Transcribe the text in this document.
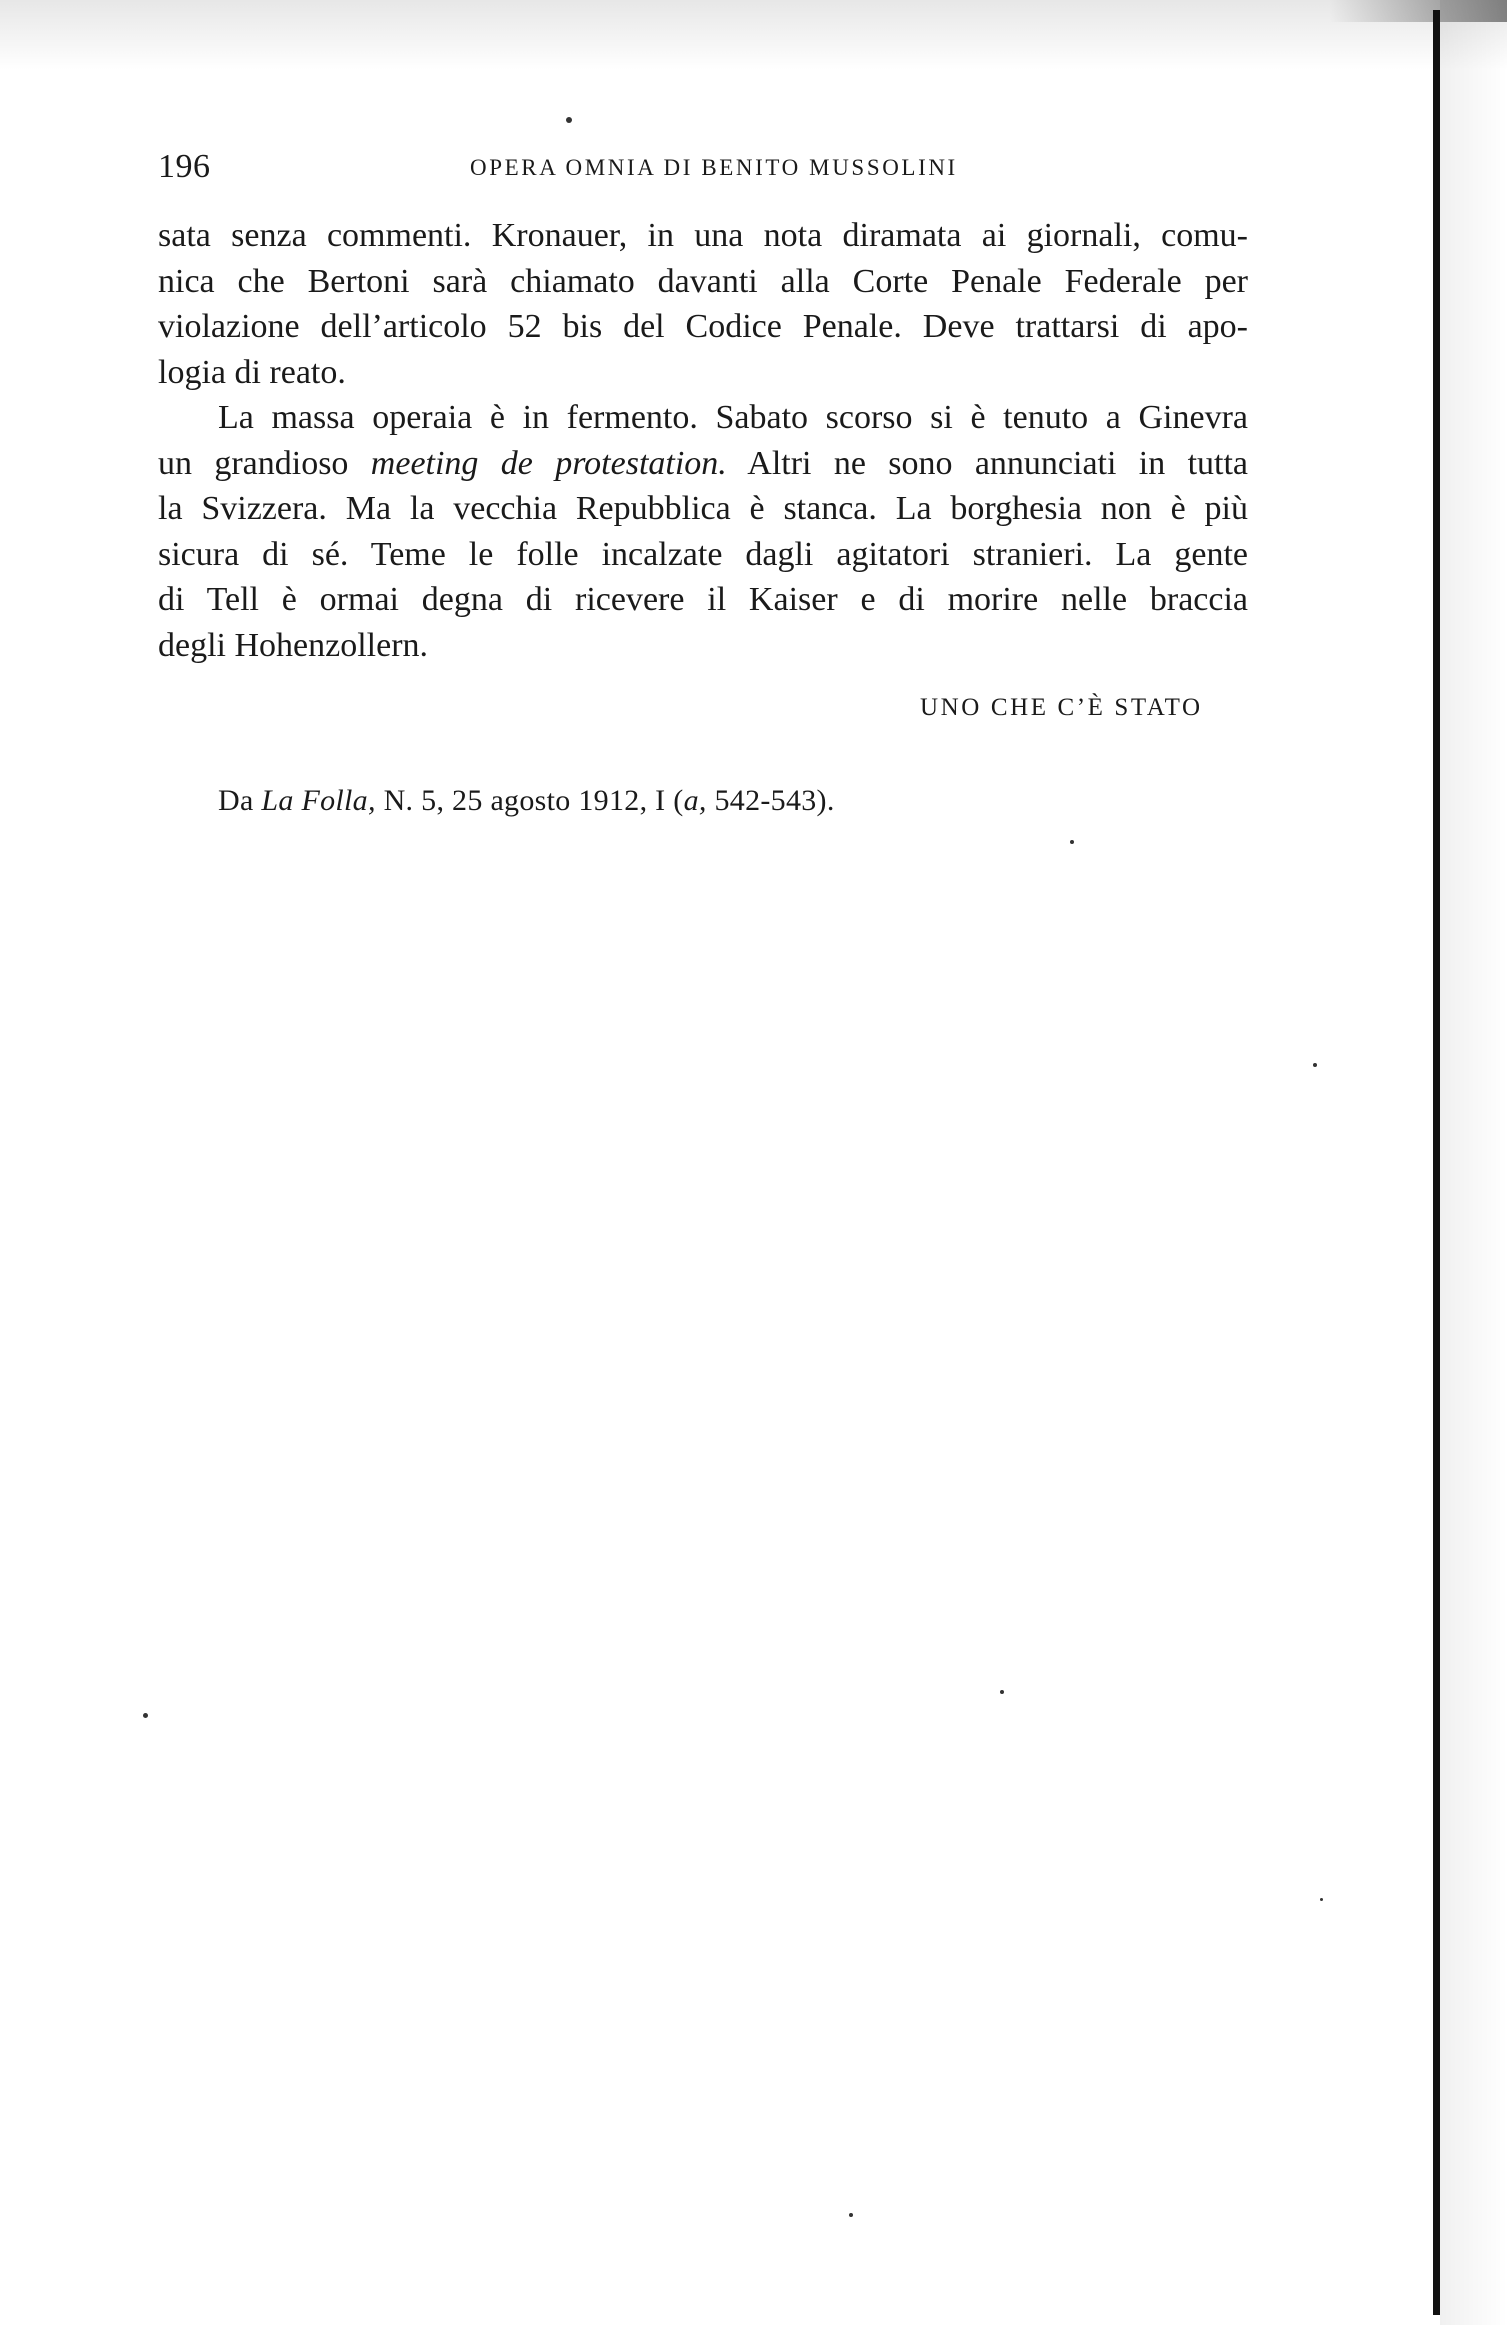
196	OPERA OMNIA DI BENITO MUSSOLINI
sata senza commenti. Kronauer, in una nota diramata ai giornali, comu-
nica che Bertoni sarà chiamato davanti alla Corte Penale Federale per
violazione dell’articolo 52 bis del Codice Penale. Deve trattarsi di apo-
logia di reato.
La massa operaia è in fermento. Sabato scorso si è tenuto a Ginevra
un grandioso meeting de protestation. Altri ne sono annunciati in tutta
la Svizzera. Ma la vecchia Repubblica è stanca. La borghesia non è più
sicura di sé. Teme le folle incalzate dagli agitatori stranieri. La gente
di Tell è ormai degna di ricevere il Kaiser e di morire nelle braccia
degli Hohenzollern.
UNO CHE C’È STATO
Da La Folla, N. 5, 25 agosto 1912, I (a, 542-543).
